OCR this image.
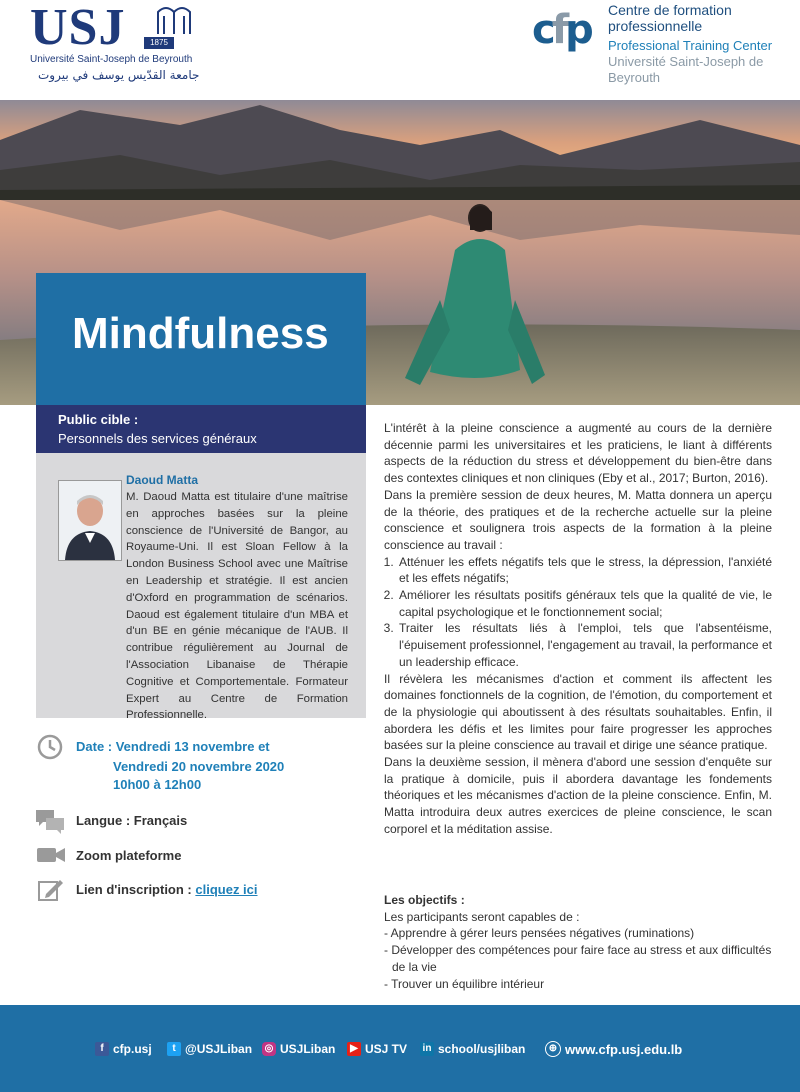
USJ	1875
Université Saint-Joseph de Beyrouth
جامعة القدّيس يوسف في بيروت
cfp Centre de formation
professionnelle
Professional Training Center
Université Saint-Joseph de Beyrouth
Mindfulness
Public cible :
Personnels des services généraux
Daoud Matta
M. Daoud Matta est titulaire d'une maîtrise en approches basées sur la pleine conscience de l'Université de Bangor, au Royaume-Uni. Il est Sloan Fellow à la London Business School avec une Maîtrise en Leadership et stratégie. Il est ancien d'Oxford en programmation de scénarios. Daoud est également titulaire d'un MBA et d'un BE en génie mécanique de l'AUB. Il contribue régulièrement au Journal de l'Association Libanaise de Thérapie Cognitive et Comportementale. Formateur Expert au Centre de Formation Professionnelle.
Date : Vendredi 13 novembre et
Vendredi 20 novembre 2020
10h00 à 12h00
Langue : Français
Zoom plateforme
Lien d'inscription : cliquez ici

L'intérêt à la pleine conscience a augmenté au cours de la dernière décennie parmi les universitaires et les praticiens, le liant à différents aspects de la réduction du stress et développement du bien-être dans des contextes cliniques et non cliniques (Eby et al., 2017; Burton, 2016).

Dans la première session de deux heures, M. Matta donnera un aperçu de la théorie, des pratiques et de la recherche actuelle sur la pleine conscience et soulignera trois aspects de la formation à la pleine conscience au travail :

1. Atténuer les effets négatifs tels que le stress, la dépression, l'anxiété et les effets négatifs;
2. Améliorer les résultats positifs généraux tels que la qualité de vie, le capital psychologique et le fonctionnement social;
3. Traiter les résultats liés à l'emploi, tels que l'absentéisme, l'épuisement professionnel, l'engagement au travail, la performance et un leadership efficace.

Il révèlera les mécanismes d'action et comment ils affectent les domaines fonctionnels de la cognition, de l'émotion, du comportement et de la physiologie qui aboutissent à des résultats souhaitables. Enfin, il abordera les défis et les limites pour faire progresser les approches basées sur la pleine conscience au travail et dirige une séance pratique.

Dans la deuxième session, il mènera d'abord une session d'enquête sur la pratique à domicile, puis il abordera davantage les fondements théoriques et les mécanismes d'action de la pleine conscience. Enfin, M. Matta introduira deux autres exercices de pleine conscience, le scan corporel et la méditation assise.

Les objectifs :
Les participants seront capables de :
- Apprendre à gérer leurs pensées négatives (ruminations)
- Développer des compétences pour faire face au stress et aux difficultés de la vie
- Trouver un équilibre intérieur
f cfp.usj	t @USJLiban ◎ USJLiban	▶ USJ TV in school/usjliban	⊕ www.cfp.usj.edu.lb
